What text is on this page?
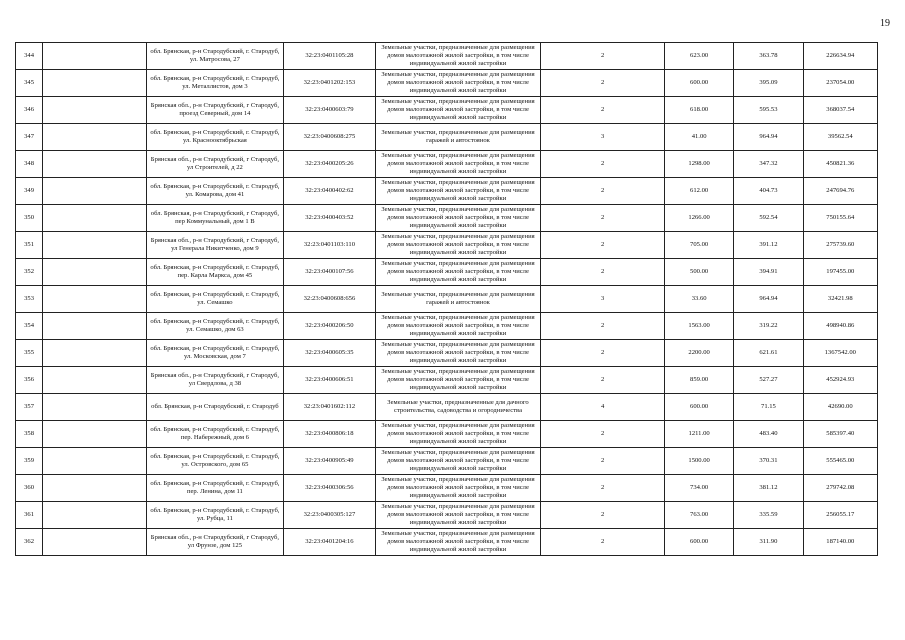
19
344		обл. Брянская, р-н Стародубский, г. Стародуб, ул. Матросова, 27	32:23:0401105:28	Земельные участки, предназначенные для размещения домов малоэтажной жилой застройки, в том числе индивидуальной жилой застройки	2	623.00	363.78	226634.94
345		обл. Брянская, р-н Стародубский, г. Стародуб, ул. Металлистов, дом 3	32:23:0401202:153	Земельные участки, предназначенные для размещения домов малоэтажной жилой застройки, в том числе индивидуальной жилой застройки	2	600.00	395.09	237054.00
346		Брянская обл., р-н Стародубский, г Стародуб, проезд Северный, дом 14	32:23:0400603:79	Земельные участки, предназначенные для размещения домов малоэтажной жилой застройки, в том числе индивидуальной жилой застройки	2	618.00	595.53	368037.54
347		обл. Брянская, р-н Стародубский, г. Стародуб, ул. Краснооктябрьская	32:23:0400608:275	Земельные участки, предназначенные для размещения гаражей и автостоянок	3	41.00	964.94	39562.54
348		Брянская обл., р-н Стародубский, г Стародуб, ул Строителей, д 22	32:23:0400205:26	Земельные участки, предназначенные для размещения домов малоэтажной жилой застройки, в том числе индивидуальной жилой застройки	2	1298.00	347.32	450821.36
349		обл. Брянская, р-н Стародубский, г. Стародуб, ул. Комарова, дом 41	32:23:0400402:62	Земельные участки, предназначенные для размещения домов малоэтажной жилой застройки, в том числе индивидуальной жилой застройки	2	612.00	404.73	247694.76
350		обл. Брянская, р-н Стародубский, г Стародуб, пер Коммунальный, дом 1 В	32:23:0400403:52	Земельные участки, предназначенные для размещения домов малоэтажной жилой застройки, в том числе индивидуальной жилой застройки	2	1266.00	592.54	750155.64
351		Брянская обл., р-н Стародубский, г Стародуб, ул Генерала Никитченко, дом 9	32:23:0401103:110	Земельные участки, предназначенные для размещения домов малоэтажной жилой застройки, в том числе индивидуальной жилой застройки	2	705.00	391.12	275739.60
352		обл. Брянская, р-н Стародубский, г. Стародуб, пер. Карла Маркса, дом 45	32:23:0400107:56	Земельные участки, предназначенные для размещения домов малоэтажной жилой застройки, в том числе индивидуальной жилой застройки	2	500.00	394.91	197455.00
353		обл. Брянская, р-н Стародубский, г. Стародуб, ул. Семашко	32:23:0400608:656	Земельные участки, предназначенные для размещения гаражей и автостоянок	3	33.60	964.94	32421.98
354		обл. Брянская, р-н Стародубский, г. Стародуб, ул. Семашко, дом 63	32:23:0400206:50	Земельные участки, предназначенные для размещения домов малоэтажной жилой застройки, в том числе индивидуальной жилой застройки	2	1563.00	319.22	498940.86
355		обл. Брянская, р-н Стародубский, г. Стародуб, ул. Московская, дом 7	32:23:0400605:35	Земельные участки, предназначенные для размещения домов малоэтажной жилой застройки, в том числе индивидуальной жилой застройки	2	2200.00	621.61	1367542.00
356		Брянская обл., р-н Стародубский, г Стародуб, ул Свердлова, д 38	32:23:0400606:51	Земельные участки, предназначенные для размещения домов малоэтажной жилой застройки, в том числе индивидуальной жилой застройки	2	859.00	527.27	452924.93
357		обл. Брянская, р-н Стародубский, г. Стародуб	32:23:0401602:112	Земельные участки, предназначенные для дачного строительства, садоводства и огородничества	4	600.00	71.15	42690.00
358		обл. Брянская, р-н Стародубский, г. Стародуб, пер. Набережный, дом 6	32:23:0400806:18	Земельные участки, предназначенные для размещения домов малоэтажной жилой застройки, в том числе индивидуальной жилой застройки	2	1211.00	483.40	585397.40
359		обл. Брянская, р-н Стародубский, г. Стародуб, ул. Островского, дом 65	32:23:0400905:49	Земельные участки, предназначенные для размещения домов малоэтажной жилой застройки, в том числе индивидуальной жилой застройки	2	1500.00	370.31	555465.00
360		обл. Брянская, р-н Стародубский, г. Стародуб, пер. Ленина, дом 11	32:23:0400306:56	Земельные участки, предназначенные для размещения домов малоэтажной жилой застройки, в том числе индивидуальной жилой застройки	2	734.00	381.12	279742.08
361		обл. Брянская, р-н Стародубский, г. Стародуб, ул. Рубца, 11	32:23:0400305:127	Земельные участки, предназначенные для размещения домов малоэтажной жилой застройки, в том числе индивидуальной жилой застройки	2	763.00	335.59	256055.17
362		Брянская обл., р-н Стародубский, г Стародуб, ул Фрунзе, дом 125	32:23:0401204:16	Земельные участки, предназначенные для размещения домов малоэтажной жилой застройки, в том числе индивидуальной жилой застройки	2	600.00	311.90	187140.00
